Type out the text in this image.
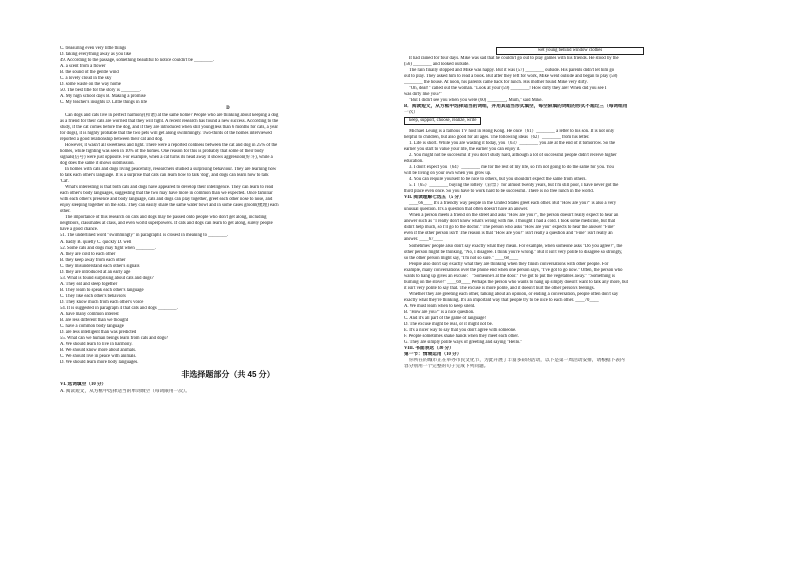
C. treasuring even very little things
D. taking everything away as you like
49. According to the passage, something beautiful to notice couldn't be ________.
A. a scent from a flower
B. the sound of the gentle wind
C. a lovely cloud in the sky
D. some waste on the way home
50. The best title for the story is ________.
A. My high school days B. Making a promise
C. My teacher's insights D. Little things in life
D
Can dogs and cats live in perfect harmony(和谐) at the same home? People who are thinking about keeping a dog
as a friend for their cats are worried that they will fight. A recent research has found a new success. According to the
study, if the cat comes before the dog, and if they are introduced when still young(less than 6 months for cats, a year
for dogs), it is highly probable that the two pets will get along swimmingly. Two-thirds of the homes interviewed
reported a good relationship between their cat and dog.
However, it wasn't all sweetness and light. There were a reported coldness between the cat and dog in 25% of the
homes, while fighting was seen in 10% of the homes. One reason for this is probably that some of their body
signals(信号) were just opposite. For example, when a cat turns its head away it shows aggression(好斗), while a
dog does the same it shows submission.
In homes with cats and dogs living peacefully, researchers studied a surprising behaviour. They are learning how
to talk each other's language. It is a surprise that cats can learn how to talk 'dog', and dogs can learn how to talk
'Cat'.
What's interesting is that both cats and dogs have appeared to develop their intelligence. They can learn to read
each other's body languages, suggesting that the two may have more in common than we expected. Once familiar
with each other's presence and body language, cats and dogs can play together, greet each other nose to nose, and
enjoy sleeping together on the sofa. They can easily share the same water bowl and in some cases groom(梳理) each
other.
The importance of this research on cats and dogs may be passed onto people who don't get along, including
neighbors, classmates at class, and even world superpowers. If cats and dogs can learn to get along, surely people
have a good chance.
51. The underlined word "swimmingly" in paragraph1 is closest in meaning to ________.
A. badly B. quietly C. quickly D. well
52. Some cats and dogs may fight when ________.
A. they are cold to each other
B. they keep away from each other
C. they misunderstand each other's signals
D. they are introduced at an early age
53. What is found surprising about cats and dogs?
A. They eat and sleep together
B. They learn to speak each other's language
C. They like each other's behaviors
D. They know much from each other's voice
54. It is suggested in paragraph 4 that cats and dogs ________.
A. have many common interest
B. are less different than we thought
C. have a common body language
D. are less intelligent than was predicted
55. What can we human beings learn from cats and dogs?
A. We should learn to live in harmony.
B. We should know more about animals.
C. We should live in peace with animals.
D. We should learn more body languages.
非选择题部分（共 45 分）
VI. 选词填空（10 分）
A. 阅读短文，从方框中选择适当的单词填空（每词限用一次）。
wet young behind window clothes
It had rained for four days. Mike was sad that he couldn't go out to play games with his friends. He stood by the
(56) ________ and looked outside.
The rain finally stopped and Mike was happy. But it was (57) ________ outside. His parents didn't let him go
out to play. They asked him to read a book. But after they left for work, Mike went outside and began to play (58)
________ the house. At noon, his parents came back for lunch. His mother found Mike very dirty.
"Oh, dear!" called out the woman. "Look at your (59) ________! How dirty they are! When did you see I
was dirty like you?"
"But I didn't see you when you were (60) ________, Mum," said Mike.
B．阅读短文，从方框中选择适当的词组，并用其适当形式填空，每空限填的词组的形式不超过三（每词组用
一次）
keep, support, choose, realize, write
Michael Leung is a famous TV host in Hong Kong. He once（61）________ a letter to his son. It is not only
helpful to children, but also good for all ages. The following ideas（62）________ from his letter.
1. Life is short. While you are wasting it today, you（63）________ you are at the end of it tomorrow. So the
earlier you start to value your life, the earlier you can enjoy it.
2. You might not be successful if you don't study hard, although a lot of successful people didn't receive higher
education.
3. I don't expect you（64）________ me for the rest of my life, so I'm not going to do the same for you. You
will be living on your own when you grow up.
4. You can require yourself to be nice to others, but you shouldn't expect the same from others.
5. I（65）________ buying the lottery（彩票）for almost twenty years, but I'm still poor, I have never got the
third place even once. So you have to work hard to be successful. There is no free lunch in the world.
VII. 阅读理解七选五（5 分）
____66____ It's a friendly way people in the United States greet each other. But "How are you?" is also a very
unusual question. It's a question that often doesn't have an answer.
When a person meets a friend on the street and asks "How are you?", the person doesn't really expect to hear an
answer such as "I really don't know what's wrong with me. I thought I had a cold. I took some medicine, but that
didn't help much, so I'll go to the doctor." The person who asks "How are you" expects to hear the answer "Fine"
even if the other person isn't! The reason is that "How are you?" isn't really a question and "Fine" isn't really an
answer. ____67____
Sometimes' people also don't say exactly what they mean. For example, when someone asks "Do you agree?", the
other person might be thinking, "No, I disagree. I think you're wrong." But it isn't very polite to disagree so strongly,
so the other person might say, "I'm not so sure." ____68____
People also don't say exactly what they are thinking when they finish conversations with other people. For
example, many conversations over the phone end when one person says, "I've got to go now." Often, the person who
wants to hang up gives an excuse： "Someone's at the door." I've got to put the vegetables away." "Something is
burning on the stove!" ____69____ Perhaps the person who wants to hang up simply doesn't want to talk any more, but
it isn't very polite to say that. The excuse is more polite, and it doesn't hurt the other person's feelings.
Whether they are greeting each other, talking about an opinion, or ending a conversation, people often don't say
exactly what they're thinking. It's an important way that people try to be nice to each other. ____70____
A. We must learn when to keep silent.
B. "How are you?" is a nice question.
C. And it's all part of the game of language!
D. The excuse might be real, or it might not be.
E. It's a nicer way to say that you don't agree with someone.
F. People sometimes shake hands when they meet each other.
G. They are simply polite ways of greeting and saying "Hello."
VIII. 书面表达（30 分）
第一节：情境运用（10 分）
你所在的城市正在举办市民文化节，为此开展了丰富多彩的活动，以下是第一周活动安排，请根据下表内
容分别用一个完整的句子完成下列问题。
